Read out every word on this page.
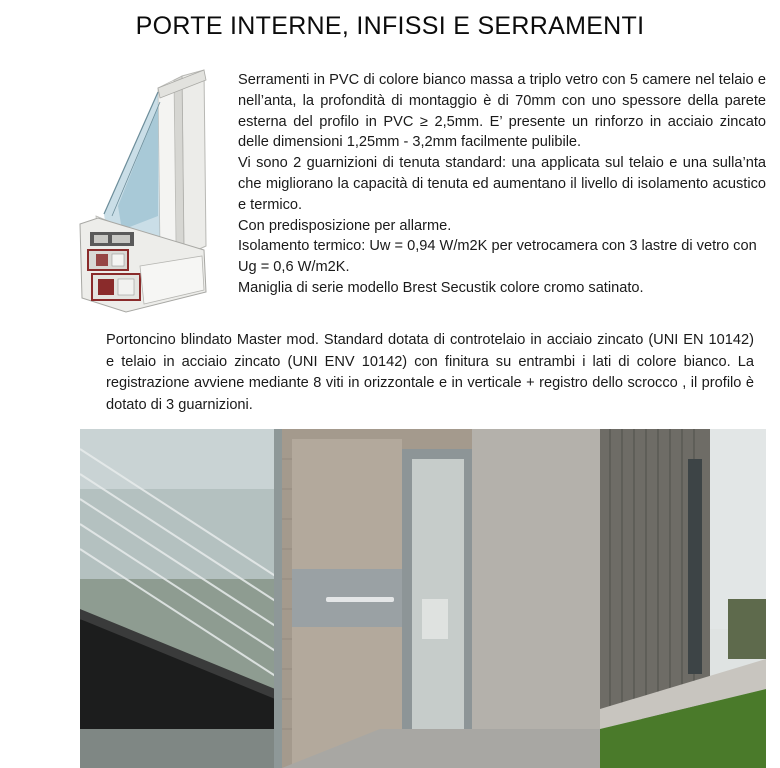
PORTE INTERNE, INFISSI E SERRAMENTI

Serramenti in PVC di colore bianco massa a triplo vetro con 5 camere nel telaio e nell’anta, la profondità di montaggio è di 70mm con uno spessore della parete esterna del profilo in PVC ≥ 2,5mm. E’ presente un rinforzo in acciaio zincato delle dimensioni 1,25mm - 3,2mm facilmente pulibile.

Vi sono 2 guarnizioni di tenuta standard: una applicata sul telaio e una sulla’nta che migliorano la capacità di tenuta ed aumentano il livello di isolamento acustico e termico.

Con predisposizione per allarme.

Isolamento termico: Uw = 0,94 W/m2K per vetrocamera con 3 lastre di vetro con Ug = 0,6 W/m2K.

Maniglia di serie modello Brest Secustik colore cromo satinato.

Portoncino blindato Master mod. Standard dotata di controtelaio in acciaio zincato (UNI EN 10142) e telaio in acciaio zincato (UNI ENV 10142) con finitura su entrambi i lati di colore bianco. La registrazione avviene mediante 8 viti in orizzontale e in verticale + registro dello scrocco , il profilo è dotato di 3 guarnizioni.
